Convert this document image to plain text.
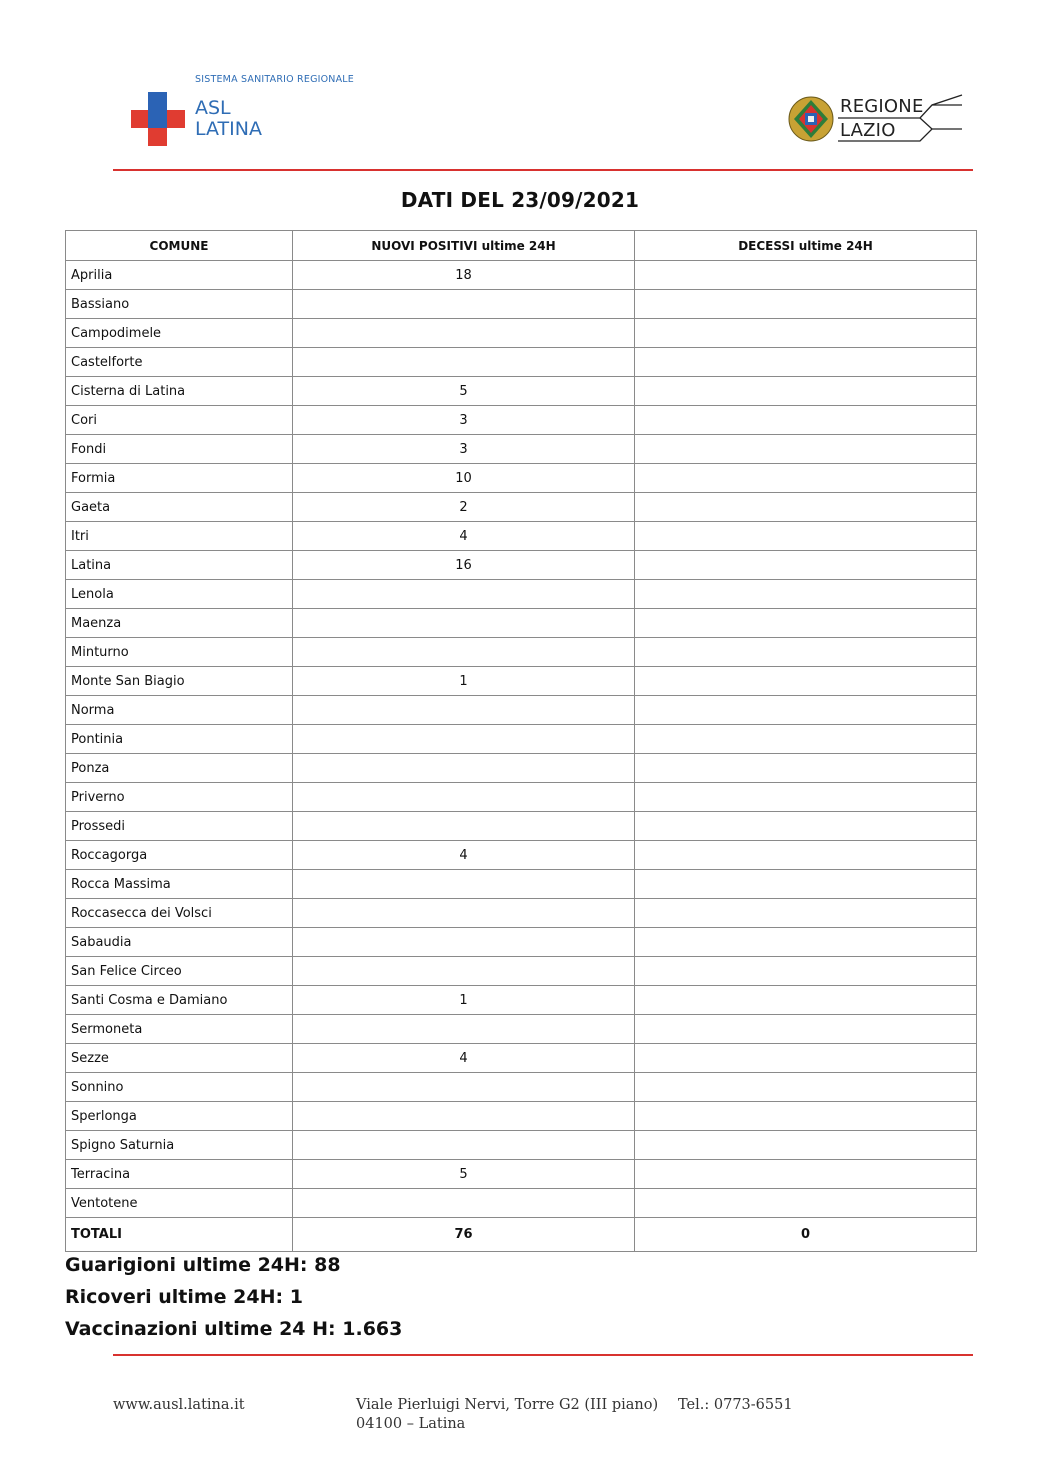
SISTEMA SANITARIO REGIONALE
ASL
LATINA
REGIONE
LAZIO
DATI DEL 23/09/2021
COMUNE	NUOVI POSITIVI ultime 24H	DECESSI ultime 24H
Aprilia	18	
Bassiano		
Campodimele		
Castelforte		
Cisterna di Latina	5	
Cori	3	
Fondi	3	
Formia	10	
Gaeta	2	
Itri	4	
Latina	16	
Lenola		
Maenza		
Minturno		
Monte San Biagio	1	
Norma		
Pontinia		
Ponza		
Priverno		
Prossedi		
Roccagorga	4	
Rocca Massima		
Roccasecca dei Volsci		
Sabaudia		
San Felice Circeo		
Santi Cosma e Damiano	1	
Sermoneta		
Sezze	4	
Sonnino		
Sperlonga		
Spigno Saturnia		
Terracina	5	
Ventotene		
TOTALI	76	0
Guarigioni ultime 24H: 88
Ricoveri ultime 24H: 1
Vaccinazioni ultime 24 H: 1.663
www.ausl.latina.it	Viale Pierluigi Nervi, Torre G2 (III piano)
04100 – Latina
Tel.: 0773-6551
